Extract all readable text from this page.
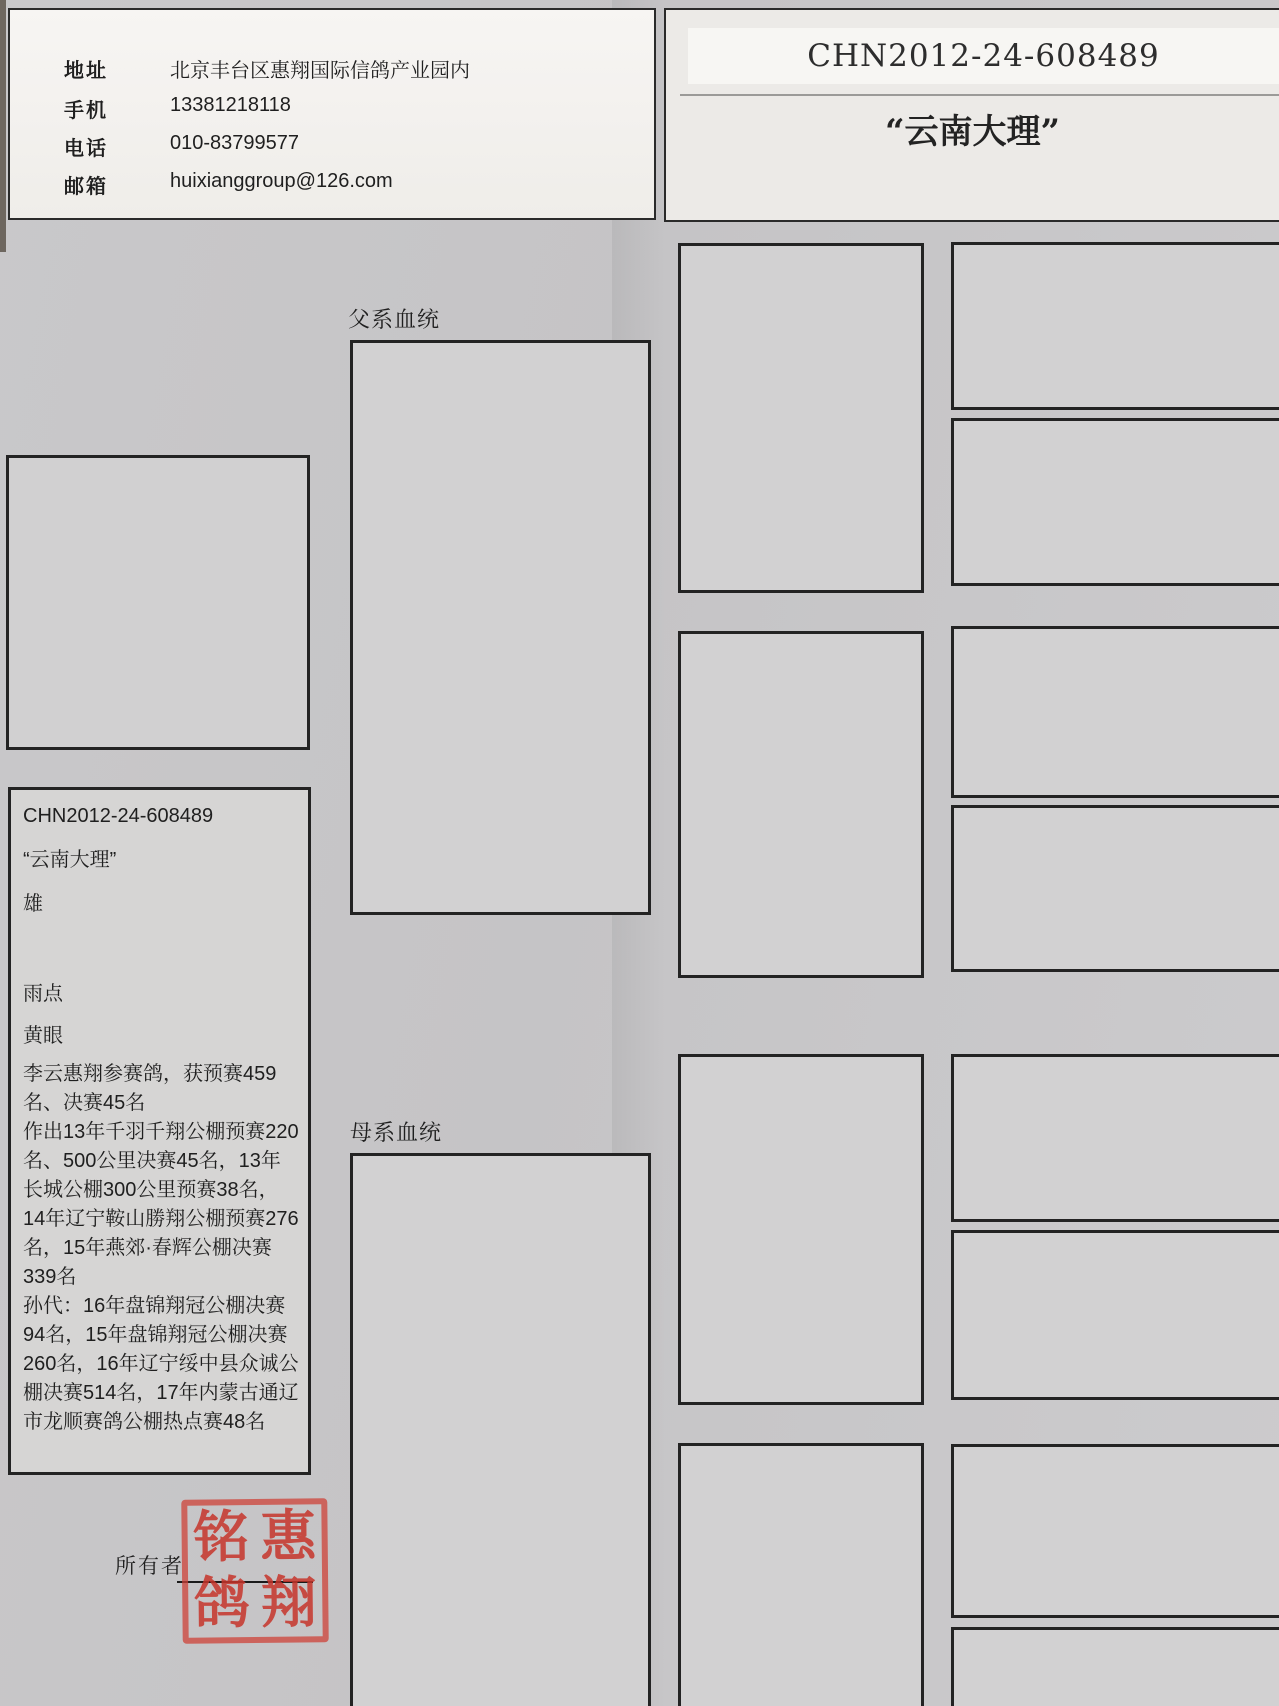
地址	北京丰台区惠翔国际信鸽产业园内
手机	13381218118
电话	010-83799577
邮箱	huixianggroup@126.com
CHN2012-24-608489
“云南大理”
CHN2012-24-608489
“云南大理”
雄
雨点
黄眼

李云惠翔参赛鸽，获预赛459名、决赛45名

作出13年千羽千翔公棚预赛220名、500公里决赛45名，13年长城公棚300公里预赛38名，14年辽宁鞍山勝翔公棚预赛276名，15年燕郊·春辉公棚决赛339名

孙代：16年盘锦翔冠公棚决赛94名，15年盘锦翔冠公棚决赛260名，16年辽宁绥中县众诚公棚决赛514名，17年内蒙古通辽市龙顺赛鸽公棚热点赛48名

父系血统
母系血统
所有者 铭 惠
鸽 翔
